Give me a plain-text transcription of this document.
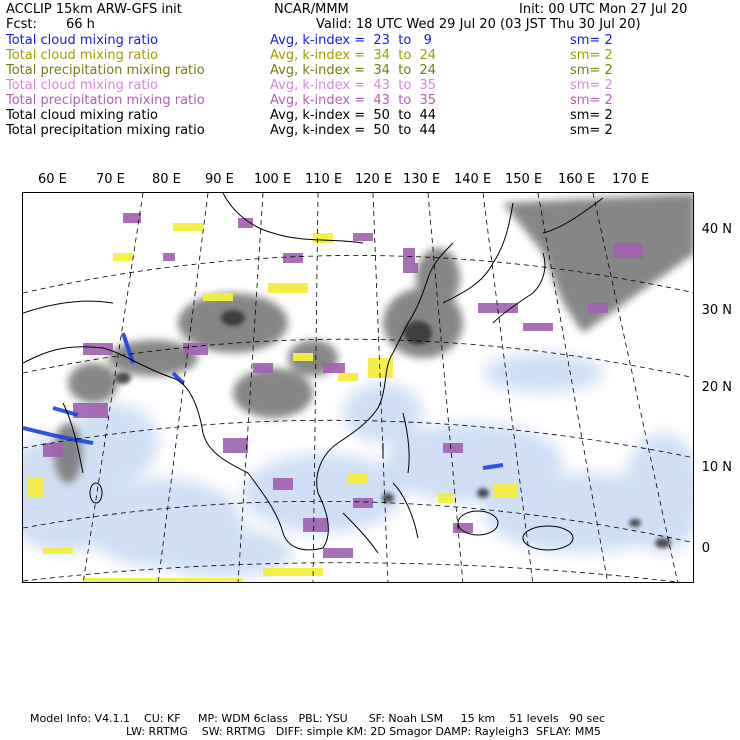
ACCLIP 15km ARW-GFS init	NCAR/MMM	Init: 00 UTC Mon 27 Jul 20
Fcst: 66 h	Valid: 18 UTC Wed 29 Jul 20 (03 JST Thu 30 Jul 20)
Total cloud mixing ratio	Avg, k-index =  23  to   9	sm= 2
Total cloud mixing ratio	Avg, k-index =  34  to  24	sm= 2
Total precipitation mixing ratio	Avg, k-index =  34  to  24	sm= 2
Total cloud mixing ratio	Avg, k-index =  43  to  35	sm= 2
Total precipitation mixing ratio	Avg, k-index =  43  to  35	sm= 2
Total cloud mixing ratio	Avg, k-index =  50  to  44	sm= 2
Total precipitation mixing ratio	Avg, k-index =  50  to  44	sm= 2
60 E 70 E 80 E 90 E 100 E 110 E 120 E 130 E 140 E 150 E 160 E 170 E
40 N
30 N
20 N
10 N
0
Model Info: V4.1.1    CU: KF     MP: WDM 6class   PBL: YSU      SF: Noah LSM     15 km    51 levels   90 sec
LW: RRTMG    SW: RRTMG   DIFF: simple KM: 2D Smagor DAMP: Rayleigh3  SFLAY: MM5
